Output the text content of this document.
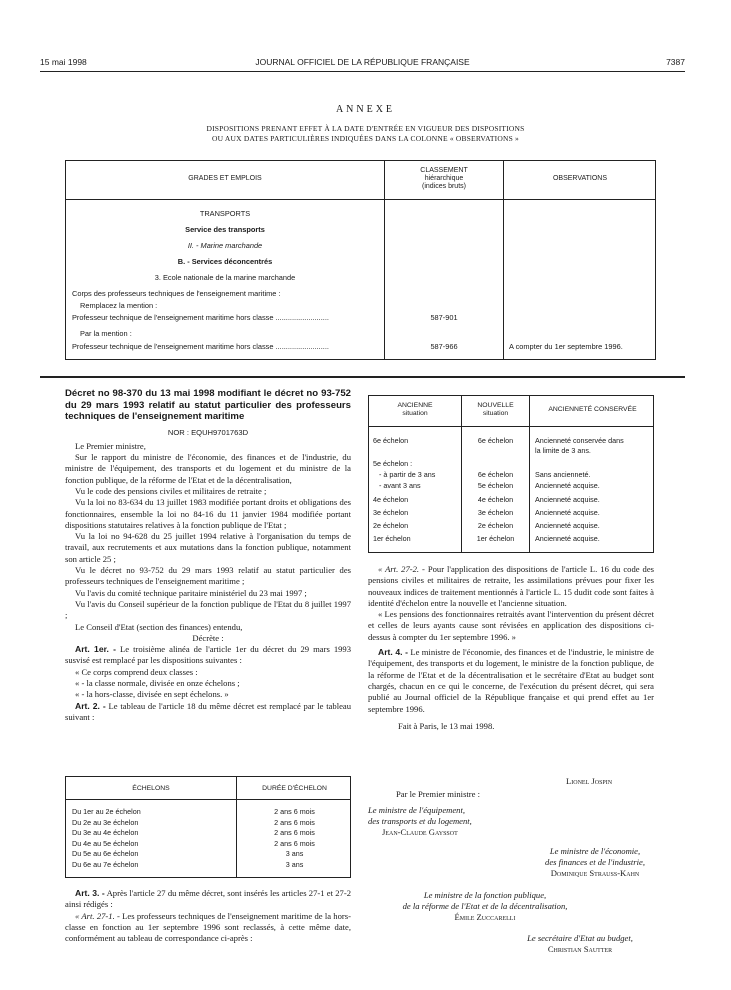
15 mai 1998	JOURNAL OFFICIEL DE LA RÉPUBLIQUE FRANÇAISE	7387
ANNEXE
DISPOSITIONS PRENANT EFFET À LA DATE D'ENTRÉE EN VIGUEUR DES DISPOSITIONS
OU AUX DATES PARTICULIÈRES INDIQUÉES DANS LA COLONNE « OBSERVATIONS »
GRADES ET EMPLOIS
CLASSEMENT
hiérarchique
(indices bruts)
OBSERVATIONS
TRANSPORTS
Service des transports
II. - Marine marchande
B. - Services déconcentrés
3. Ecole nationale de la marine marchande
Corps des professeurs techniques de l'enseignement maritime :
Remplacez la mention :
Professeur technique de l'enseignement maritime hors classe ..........................	587-901
Par la mention :
Professeur technique de l'enseignement maritime hors classe ..........................	587-966	A compter du 1er septembre 1996.
Décret no 98-370 du 13 mai 1998 modifiant le décret no 93-752 du 29 mars 1993 relatif au statut particulier des professeurs techniques de l'enseignement maritime
NOR : EQUH9701763D

Le Premier ministre,

Sur le rapport du ministre de l'économie, des finances et de l'industrie, du ministre de l'équipement, des transports et du logement et du ministre de la fonction publique, de la réforme de l'Etat et de la décentralisation,

Vu le code des pensions civiles et militaires de retraite ;

Vu la loi no 83-634 du 13 juillet 1983 modifiée portant droits et obligations des fonctionnaires, ensemble la loi no 84-16 du 11 janvier 1984 modifiée portant dispositions statutaires relatives à la fonction publique de l'Etat ;

Vu la loi no 94-628 du 25 juillet 1994 relative à l'organisation du temps de travail, aux recrutements et aux mutations dans la fonction publique, notamment son article 25 ;

Vu le décret no 93-752 du 29 mars 1993 relatif au statut particulier des professeurs techniques de l'enseignement maritime ;

Vu l'avis du comité technique paritaire ministériel du 23 mai 1997 ;

Vu l'avis du Conseil supérieur de la fonction publique de l'Etat du 8 juillet 1997 ;

Le Conseil d'Etat (section des finances) entendu,

Décrète :

Art. 1er. - Le troisième alinéa de l'article 1er du décret du 29 mars 1993 susvisé est remplacé par les dispositions suivantes :

« Ce corps comprend deux classes :

« - la classe normale, divisée en onze échelons ;

« - la hors-classe, divisée en sept échelons. »

Art. 2. - Le tableau de l'article 18 du même décret est remplacé par le tableau suivant :

ÉCHELONS	DURÉE D'ÉCHELON
Du 1er au 2e échelon	2 ans 6 mois
Du 2e au 3e échelon	2 ans 6 mois
Du 3e au 4e échelon	2 ans 6 mois
Du 4e au 5e échelon	2 ans 6 mois
Du 5e au 6e échelon	3 ans
Du 6e au 7e échelon	3 ans

Art. 3. - Après l'article 27 du même décret, sont insérés les articles 27-1 et 27-2 ainsi rédigés :

« Art. 27-1. - Les professeurs techniques de l'enseignement maritime de la hors-classe en fonction au 1er septembre 1996 sont reclassés, à cette même date, conformément au tableau de correspondance ci-après :

ANCIENNE
situation
NOUVELLE
situation
ANCIENNETÉ CONSERVÉE
6e échelon	6e échelon	Ancienneté conservée dans
la limite de 3 ans.
5e échelon :
- à partir de 3 ans	6e échelon	Sans ancienneté.
- avant 3 ans	5e échelon	Ancienneté acquise.
4e échelon	4e échelon	Ancienneté acquise.
3e échelon	3e échelon	Ancienneté acquise.
2e échelon	2e échelon	Ancienneté acquise.
1er échelon	1er échelon	Ancienneté acquise.

« Art. 27-2. - Pour l'application des dispositions de l'article L. 16 du code des pensions civiles et militaires de retraite, les assimilations prévues pour fixer les nouveaux indices de traitement mentionnés à l'article L. 15 dudit code sont faites à identité d'échelon entre la nouvelle et l'ancienne situation.

« Les pensions des fonctionnaires retraités avant l'intervention du présent décret et celles de leurs ayants cause sont révisées en application des dispositions ci-dessus à compter du 1er septembre 1996. »

Art. 4. - Le ministre de l'économie, des finances et de l'industrie, le ministre de l'équipement, des transports et du logement, le ministre de la fonction publique, de la réforme de l'Etat et de la décentralisation et le secrétaire d'Etat au budget sont chargés, chacun en ce qui le concerne, de l'exécution du présent décret, qui sera publié au Journal officiel de la République française et qui prend effet au 1er septembre 1996.

Fait à Paris, le 13 mai 1998.

Lionel Jospin
Par le Premier ministre :
Le ministre de l'équipement,
des transports et du logement,
Jean-Claude Gayssot
Le ministre de l'économie,
des finances et de l'industrie,
Dominique Strauss-Kahn
Le ministre de la fonction publique,
de la réforme de l'Etat et de la décentralisation,
Émile Zuccarelli
Le secrétaire d'Etat au budget,
Christian Sautter
